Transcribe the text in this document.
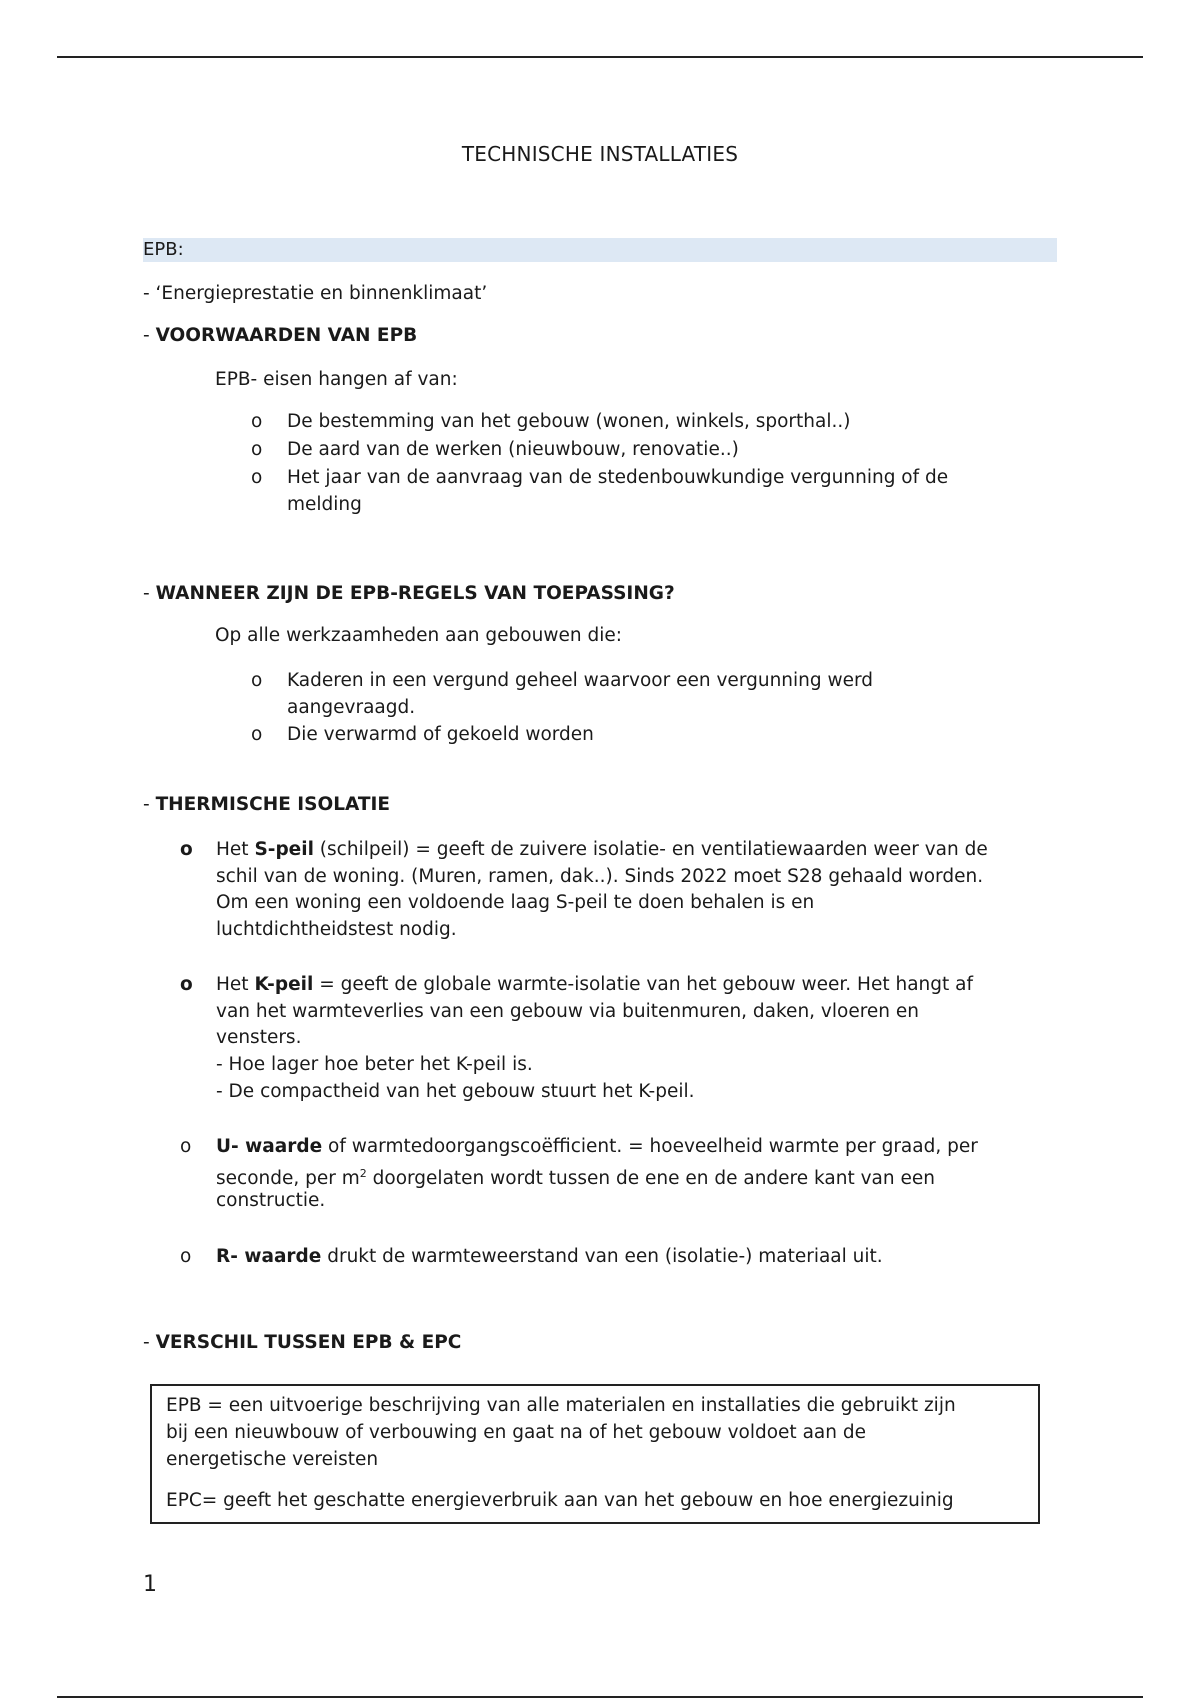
TECHNISCHE INSTALLATIES
EPB:
- ‘Energieprestatie en binnenklimaat’
- VOORWAARDEN VAN EPB
EPB- eisen hangen af van:
o De bestemming van het gebouw (wonen, winkels, sporthal..)
o De aard van de werken (nieuwbouw, renovatie..)
o Het jaar van de aanvraag van de stedenbouwkundige vergunning of de
melding
- WANNEER ZIJN DE EPB-REGELS VAN TOEPASSING?
Op alle werkzaamheden aan gebouwen die:
o Kaderen in een vergund geheel waarvoor een vergunning werd
aangevraagd.
o Die verwarmd of gekoeld worden
- THERMISCHE ISOLATIE
o Het S-peil (schilpeil) = geeft de zuivere isolatie- en ventilatiewaarden weer van de
schil van de woning. (Muren, ramen, dak..). Sinds 2022 moet S28 gehaald worden.
Om een woning een voldoende laag S-peil te doen behalen is en
luchtdichtheidstest nodig.
o Het K-peil = geeft de globale warmte-isolatie van het gebouw weer. Het hangt af
van het warmteverlies van een gebouw via buitenmuren, daken, vloeren en
vensters.
- Hoe lager hoe beter het K-peil is.
- De compactheid van het gebouw stuurt het K-peil.
o U- waarde of warmtedoorgangscoëfficient. = hoeveelheid warmte per graad, per
seconde, per $m^2$ doorgelaten wordt tussen de ene en de andere kant van een
constructie.
o R- waarde drukt de warmteweerstand van een (isolatie-) materiaal uit.
- VERSCHIL TUSSEN EPB & EPC

EPB = een uitvoerige beschrijving van alle materialen en installaties die gebruikt zijn
bij een nieuwbouw of verbouwing en gaat na of het gebouw voldoet aan de
energetische vereisten

EPC= geeft het geschatte energieverbruik aan van het gebouw en hoe energiezuinig

1
